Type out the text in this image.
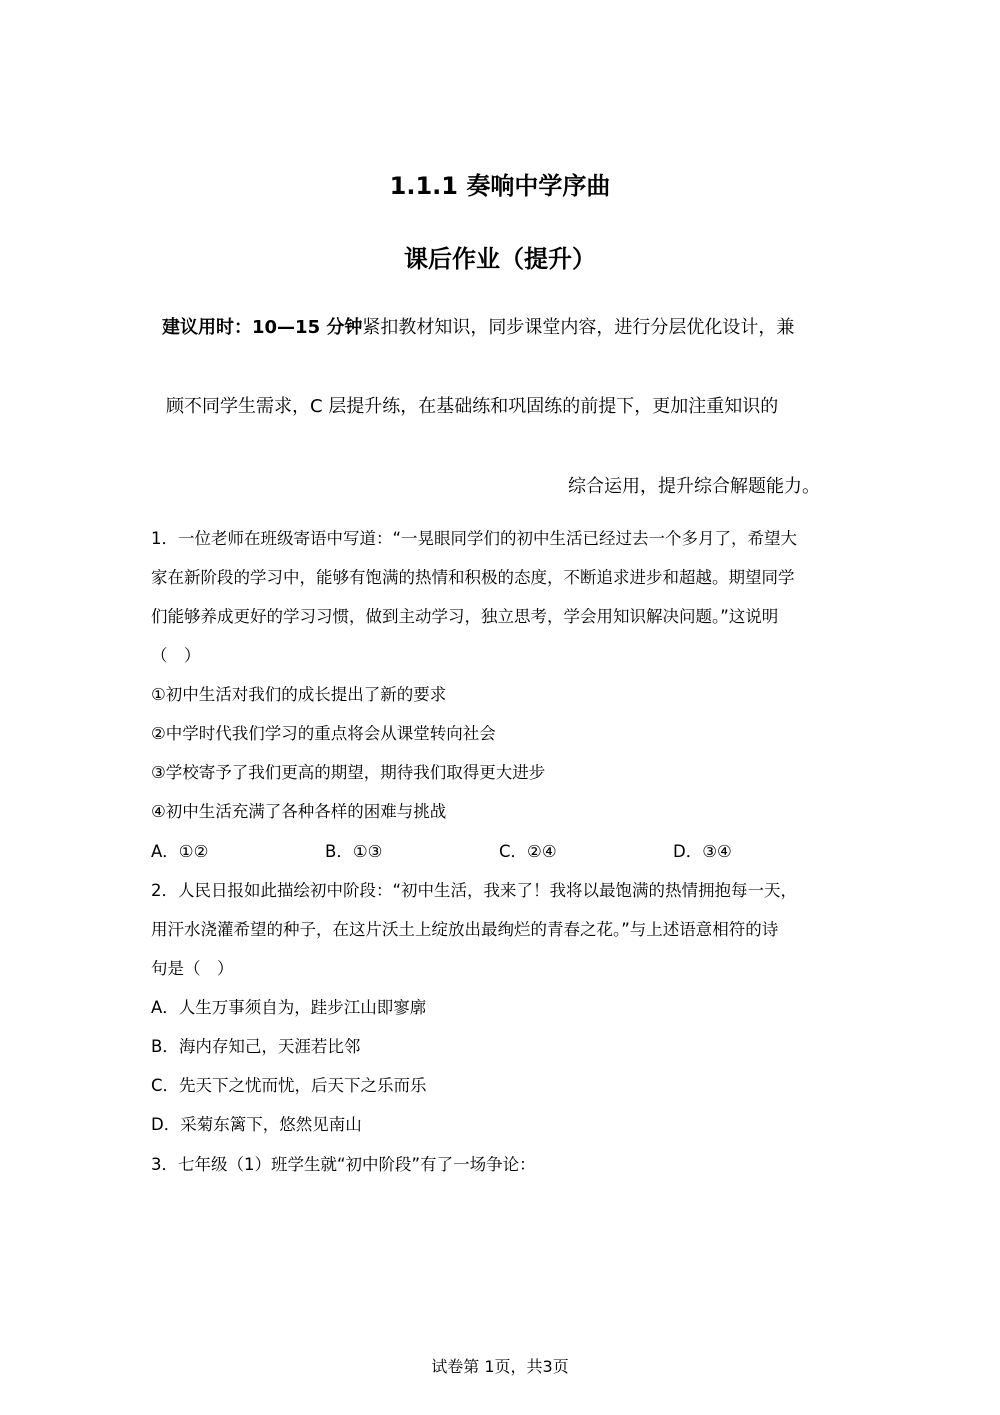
1.1.1 奏响中学序曲
课后作业（提升）

建议用时：10—15 分钟紧扣教材知识，同步课堂内容，进行分层优化设计，兼

顾不同学生需求，C 层提升练，在基础练和巩固练的前提下，更加注重知识的

综合运用，提升综合解题能力。

1．一位老师在班级寄语中写道：“一晃眼同学们的初中生活已经过去一个多月了，希望大

家在新阶段的学习中，能够有饱满的热情和积极的态度，不断追求进步和超越。期望同学

们能够养成更好的学习习惯，做到主动学习，独立思考，学会用知识解决问题。”这说明

（　）

①初中生活对我们的成长提出了新的要求

②中学时代我们学习的重点将会从课堂转向社会

③学校寄予了我们更高的期望，期待我们取得更大进步

④初中生活充满了各种各样的困难与挑战

A．①②	B．①③	C．②④	D．③④

2．人民日报如此描绘初中阶段：“初中生活，我来了！我将以最饱满的热情拥抱每一天，

用汗水浇灌希望的种子，在这片沃土上绽放出最绚烂的青春之花。”与上述语意相符的诗

句是（　）

A．人生万事须自为，跬步江山即寥廓

B．海内存知己，天涯若比邻

C．先天下之忧而忧，后天下之乐而乐

D．采菊东篱下，悠然见南山

3．七年级（1）班学生就“初中阶段”有了一场争论：

试卷第 1页，共3页
